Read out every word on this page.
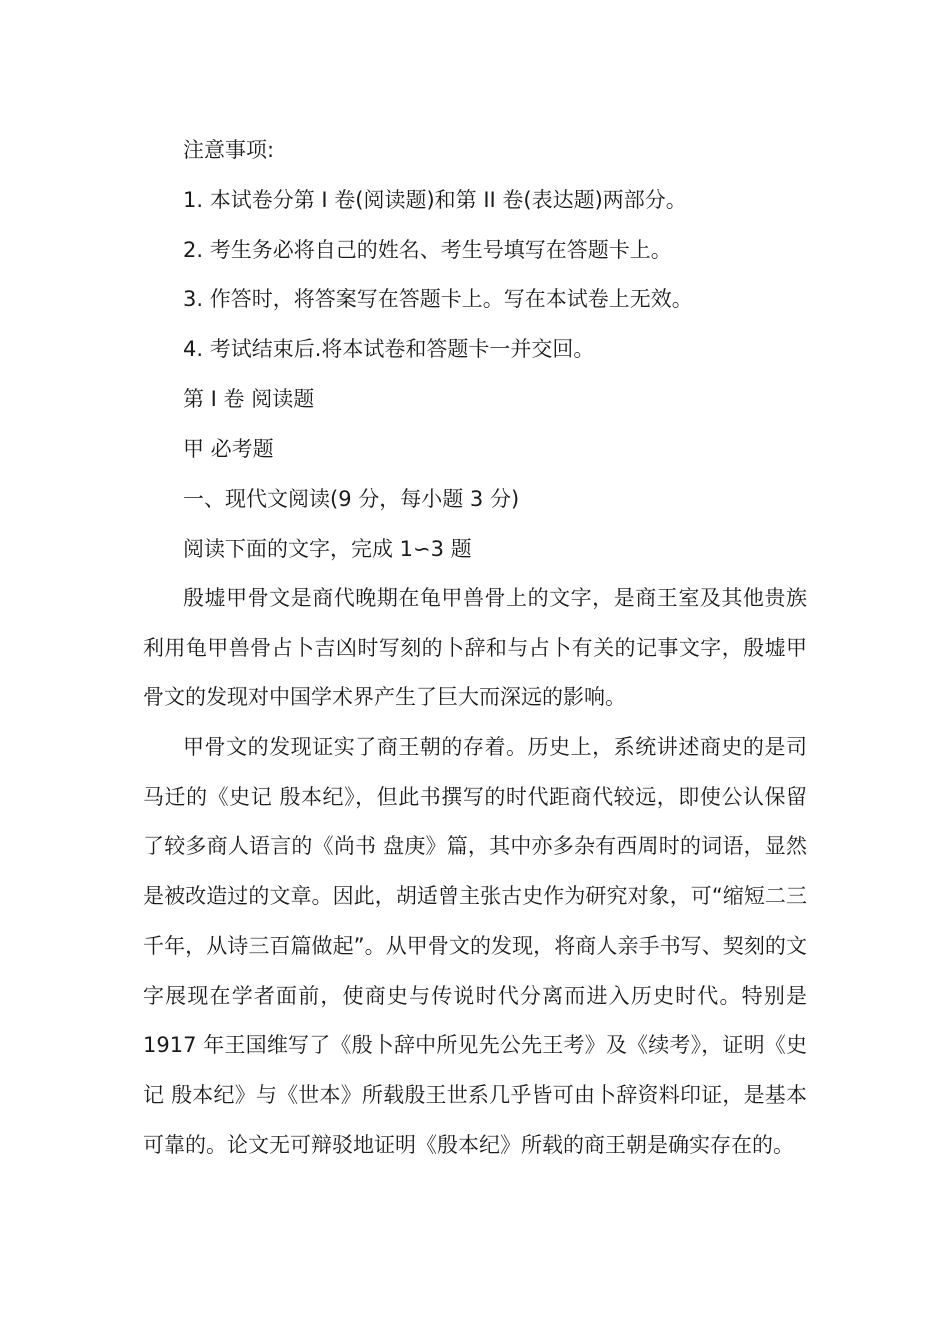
注意事项:
1. 本试卷分第 I 卷(阅读题)和第 II 卷(表达题)两部分。
2. 考生务必将自己的姓名、考生号填写在答题卡上。
3. 作答时，将答案写在答题卡上。写在本试卷上无效。
4. 考试结束后.将本试卷和答题卡一并交回。
第 I 卷 阅读题
甲 必考题
一、现代文阅读(9 分，每小题 3 分)
阅读下面的文字，完成 1∽3 题

殷墟甲骨文是商代晚期在龟甲兽骨上的文字，是商王室及其他贵族利用龟甲兽骨占卜吉凶时写刻的卜辞和与占卜有关的记事文字，殷墟甲骨文的发现对中国学术界产生了巨大而深远的影响。

甲骨文的发现证实了商王朝的存着。历史上，系统讲述商史的是司马迁的《史记 殷本纪》，但此书撰写的时代距商代较远，即使公认保留了较多商人语言的《尚书 盘庚》篇，其中亦多杂有西周时的词语，显然是被改造过的文章。因此，胡适曾主张古史作为研究对象，可“缩短二三千年，从诗三百篇做起”。从甲骨文的发现，将商人亲手书写、契刻的文字展现在学者面前，使商史与传说时代分离而进入历史时代。特别是 1917 年王国维写了《殷卜辞中所见先公先王考》及《续考》，证明《史记 殷本纪》与《世本》所载殷王世系几乎皆可由卜辞资料印证，是基本可靠的。论文无可辩驳地证明《殷本纪》所载的商王朝是确实存在的。
